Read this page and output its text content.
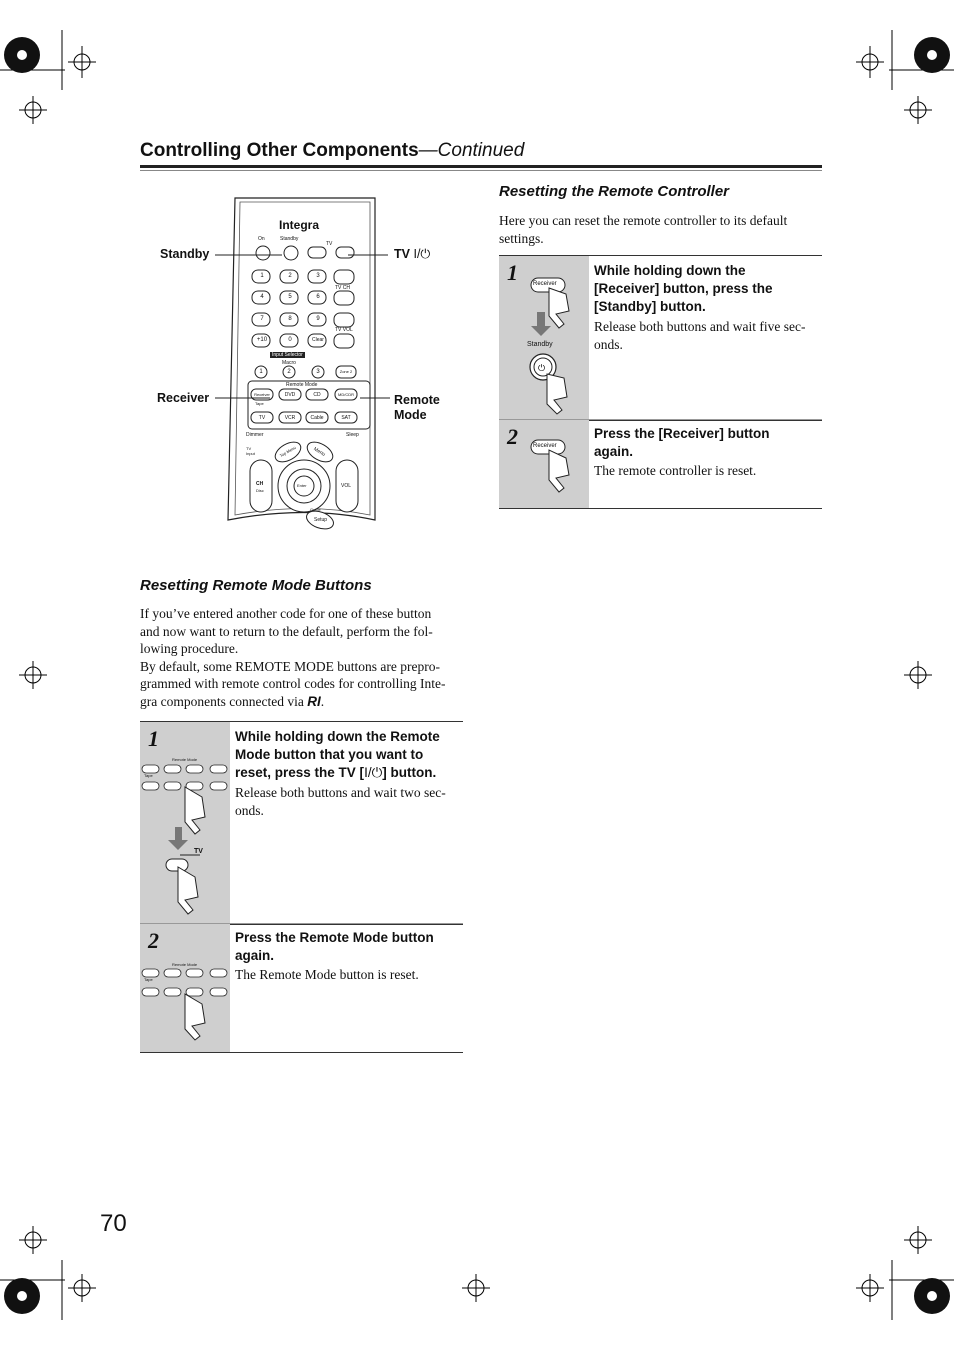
Controlling Other Components—Continued
Integra
On	Standby
TV
TV CH
TV VOL
1	2	3
4	5	6
7	8	9
+10	0	Clear
Input Selector
Macro
1	2	3	Zone 2
Remote Mode
Receiver	DVD	CD	MD/CDR
Tape
TV	VCR	Cable	SAT
Dimmer	Sleep
TV Input	Top Menu	Menu
CH
Disc
VOL
Enter
Guide
Setup
Standby	TV I/⏻
Receiver	Remote
Mode
Resetting Remote Mode Buttons
If you’ve entered another code for one of these button
and now want to return to the default, perform the fol-
lowing procedure.
By default, some REMOTE MODE buttons are prepro-
grammed with remote control codes for controlling Inte-
gra components connected via RI.
1
Remote Mode
Tape
TV
While holding down the Remote
Mode button that you want to
reset, press the TV [I/⏻] button.
Release both buttons and wait two sec-
onds.
2
Remote Mode
Tape
Press the Remote Mode button
again.
The Remote Mode button is reset.
Resetting the Remote Controller
Here you can reset the remote controller to its default
settings.
1
⏻
Receiver
Standby
While holding down the
[Receiver] button, press the
[Standby] button.
Release both buttons and wait five sec-
onds.
2	Receiver
Press the [Receiver] button
again.
The remote controller is reset.
70
